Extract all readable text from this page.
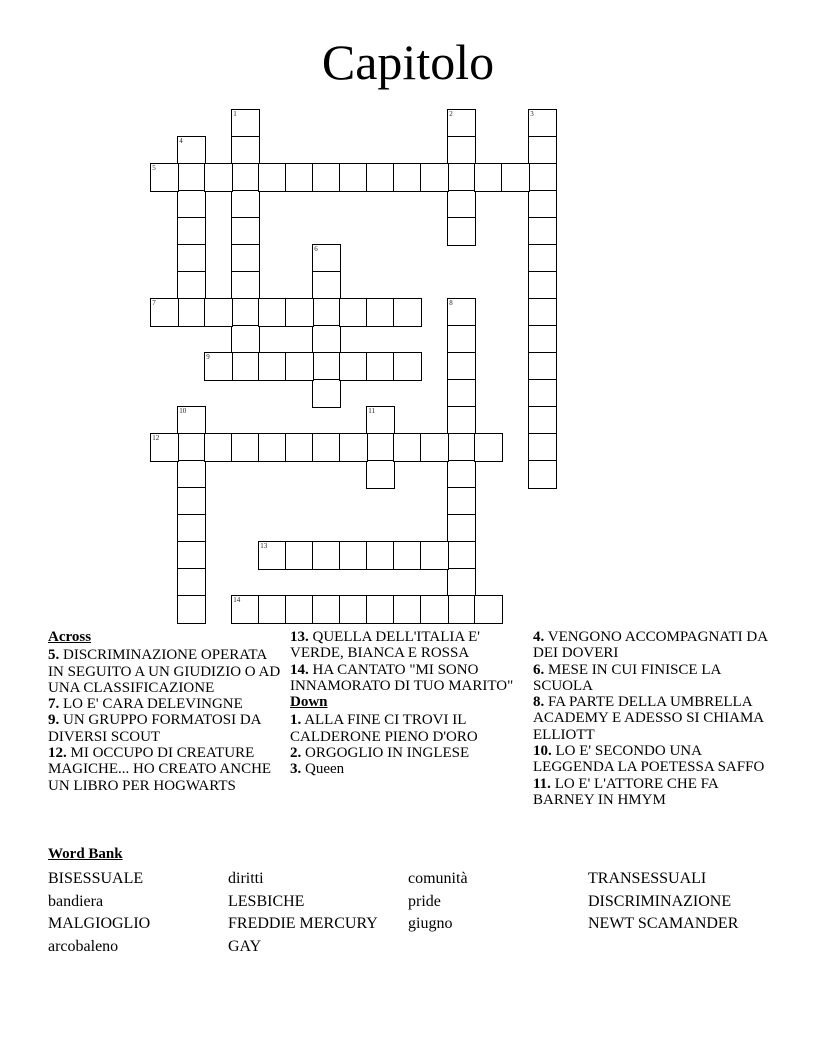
Capitolo
1	2	3
4
5
6
7	8
9
10	11
12
13
14
Across
5. DISCRIMINAZIONE OPERATA IN SEGUITO A UN GIUDIZIO O AD UNA CLASSIFICAZIONE
7. LO E' CARA DELEVINGNE
9. UN GRUPPO FORMATOSI DA DIVERSI SCOUT
12. MI OCCUPO DI CREATURE MAGICHE... HO CREATO ANCHE UN LIBRO PER HOGWARTS
13. QUELLA DELL'ITALIA E' VERDE, BIANCA E ROSSA
14. HA CANTATO "MI SONO INNAMORATO DI TUO MARITO"
Down
1. ALLA FINE CI TROVI IL CALDERONE PIENO D'ORO
2. ORGOGLIO IN INGLESE
3. Queen
4. VENGONO ACCOMPAGNATI DA DEI DOVERI
6. MESE IN CUI FINISCE LA SCUOLA
8. FA PARTE DELLA UMBRELLA ACADEMY E ADESSO SI CHIAMA ELLIOTT
10. LO E' SECONDO UNA LEGGENDA LA POETESSA SAFFO
11. LO E' L'ATTORE CHE FA BARNEY IN HMYM
Word Bank
BISESSUALE
bandiera
MALGIOGLIO
arcobaleno
diritti
LESBICHE
FREDDIE MERCURY
GAY
comunità
pride
giugno
TRANSESSUALI
DISCRIMINAZIONE
NEWT SCAMANDER
